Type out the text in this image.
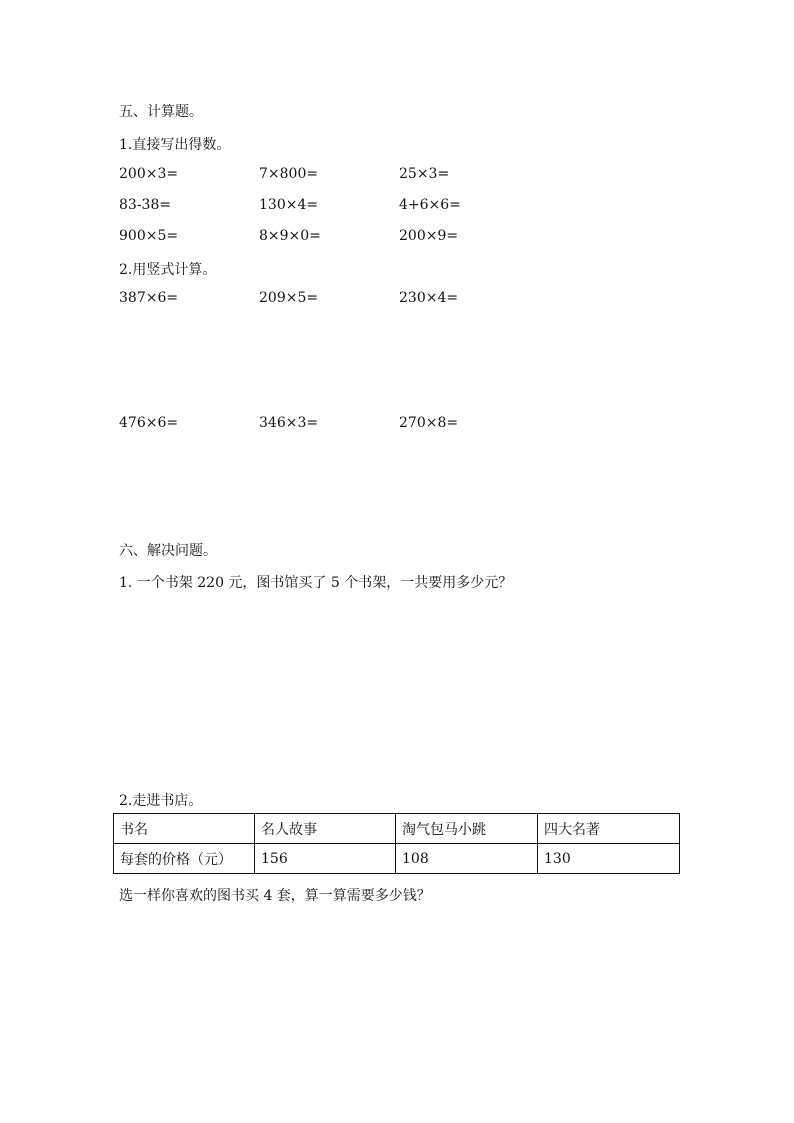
五、计算题。
1.直接写出得数。
200×3=	7×800=	25×3=
83-38=	130×4=	4+6×6=
900×5=	8×9×0=	200×9=
2.用竖式计算。
387×6=	209×5=	230×4=
476×6=	346×3=	270×8=
六、解决问题。
1. 一个书架 220 元，图书馆买了 5 个书架，一共要用多少元？
2.走进书店。
书名	名人故事	淘气包马小跳	四大名著
每套的价格（元）	156	108	130
选一样你喜欢的图书买 4 套，算一算需要多少钱？
